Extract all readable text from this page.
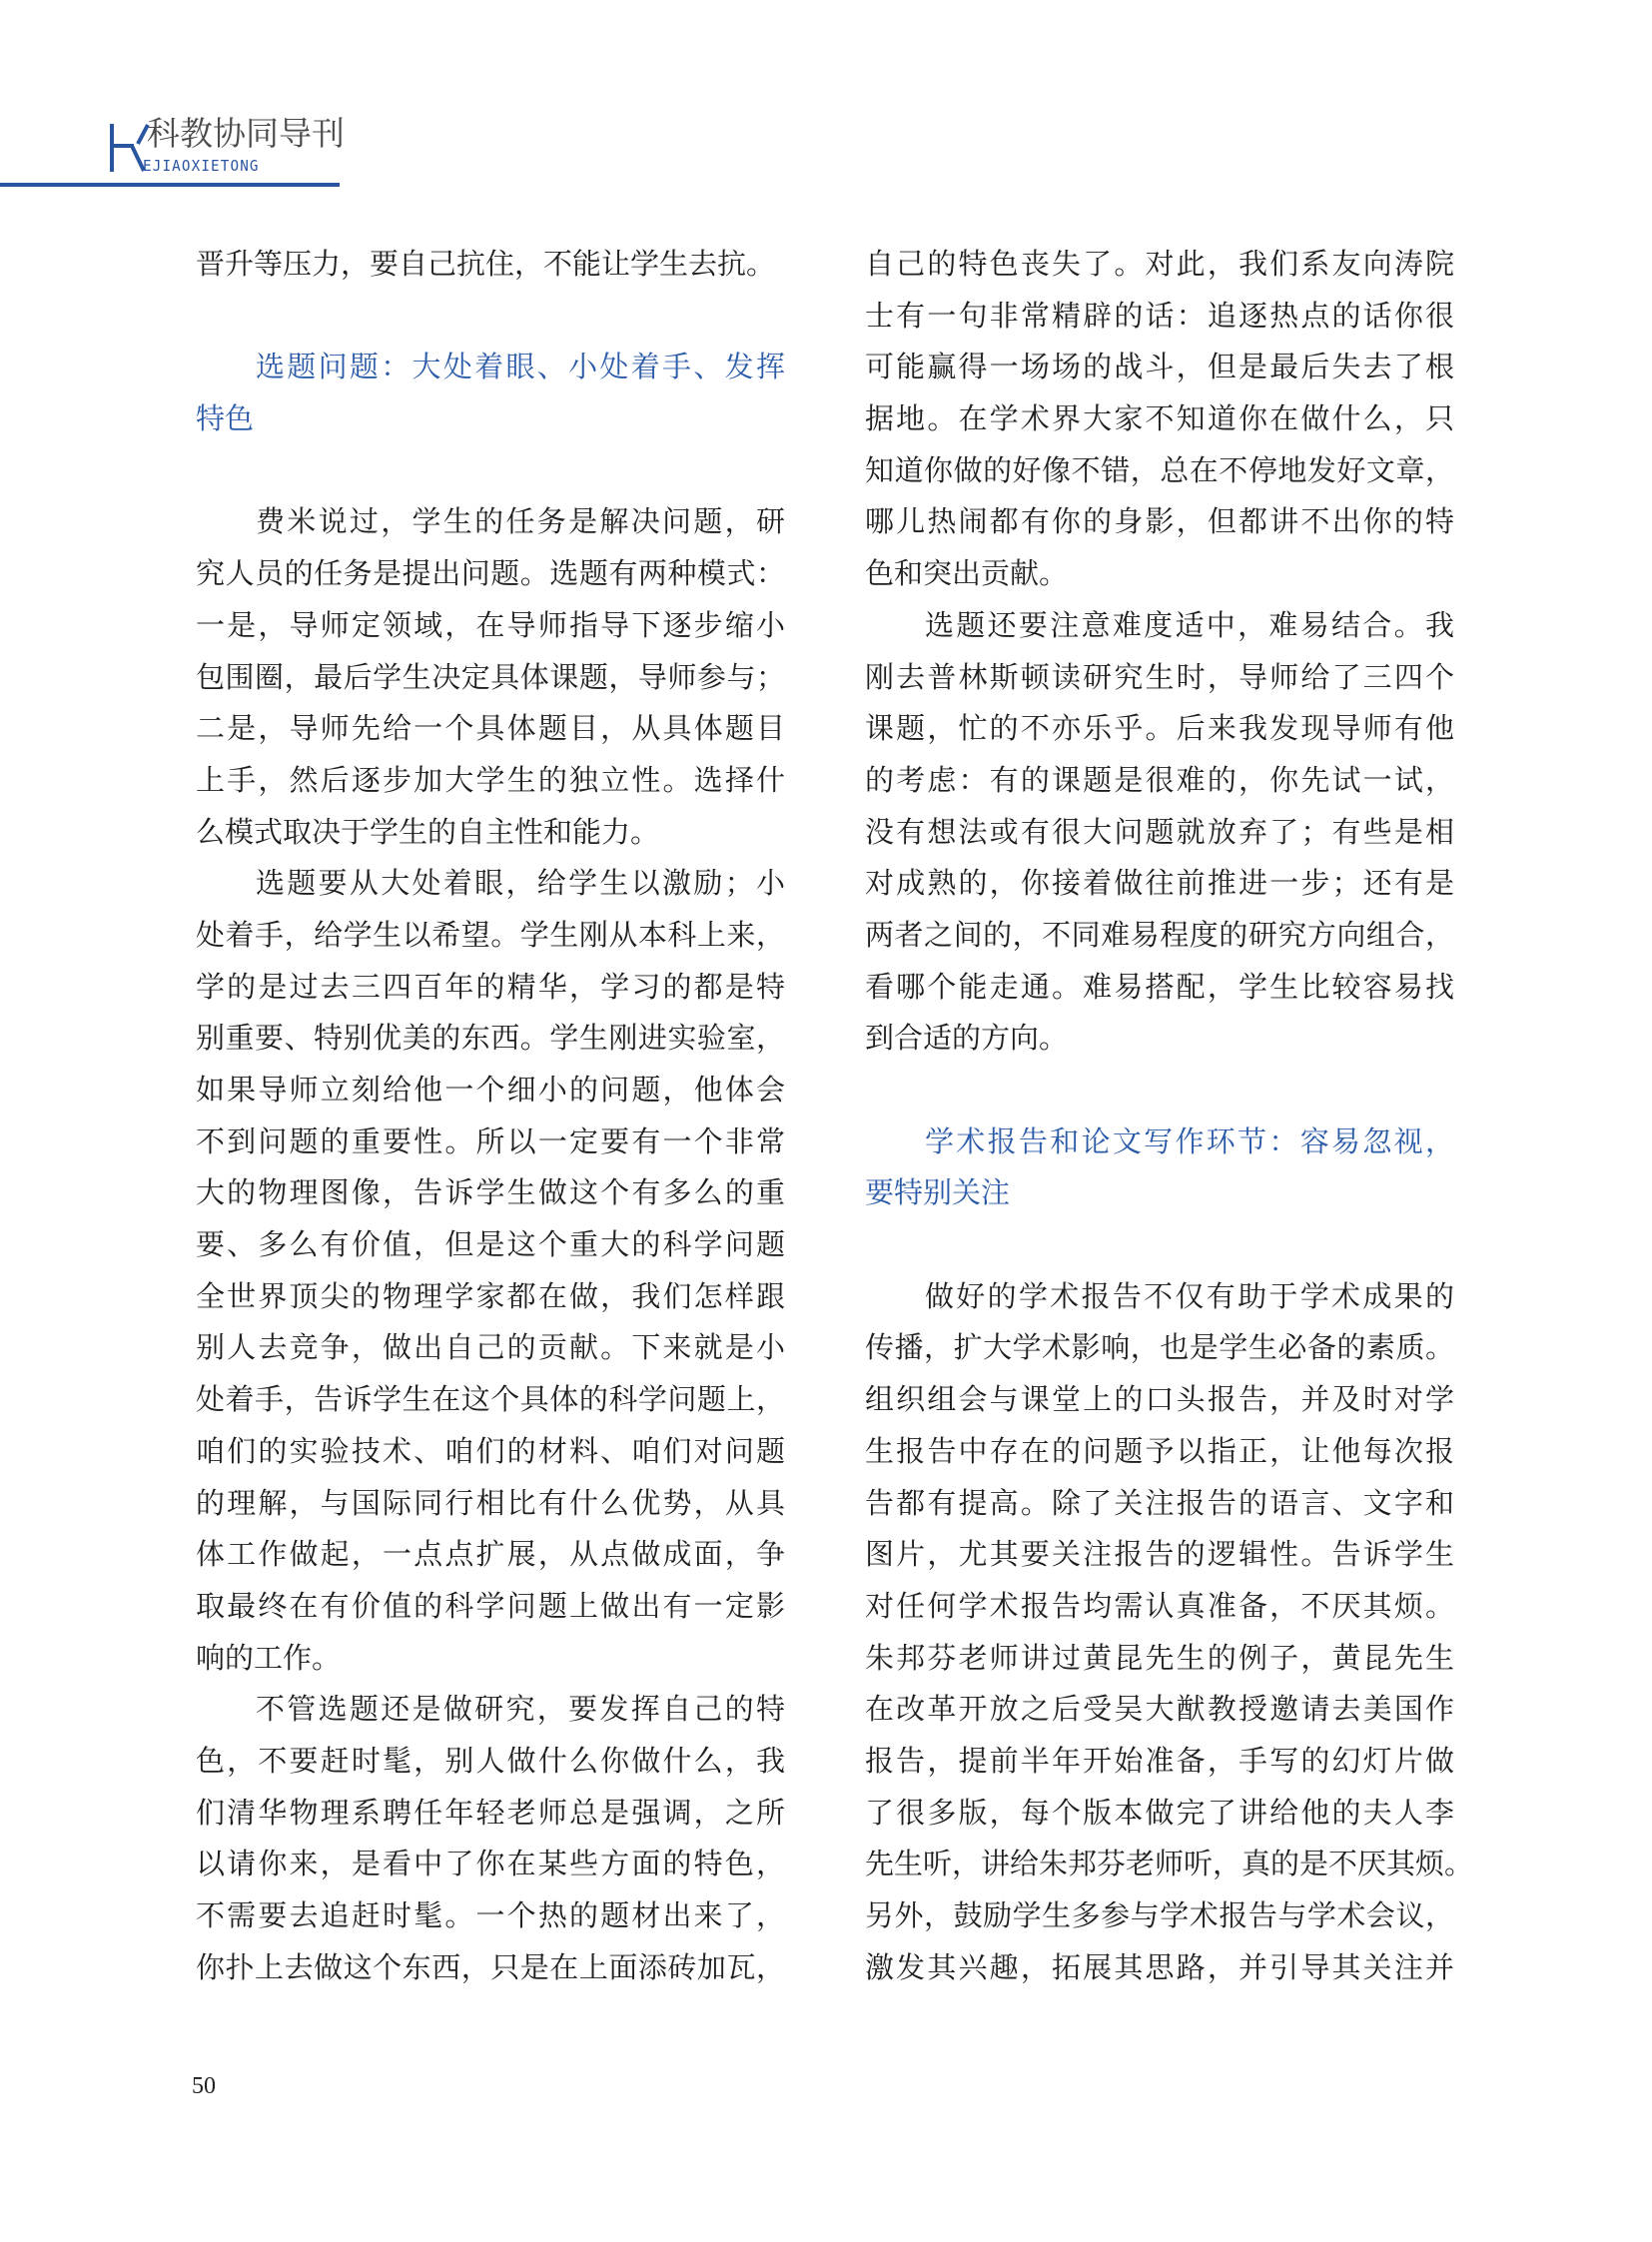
科教协同导刊
EJIAOXIETONG
晋升等压力，要自己抗住，不能让学生去抗。
选题问题：大处着眼、小处着手、发挥
特色
费米说过，学生的任务是解决问题，研
究人员的任务是提出问题。选题有两种模式：
一是，导师定领域，在导师指导下逐步缩小
包围圈，最后学生决定具体课题，导师参与；
二是，导师先给一个具体题目，从具体题目
上手，然后逐步加大学生的独立性。选择什
么模式取决于学生的自主性和能力。
选题要从大处着眼，给学生以激励；小
处着手，给学生以希望。学生刚从本科上来，
学的是过去三四百年的精华，学习的都是特
别重要、特别优美的东西。学生刚进实验室，
如果导师立刻给他一个细小的问题，他体会
不到问题的重要性。所以一定要有一个非常
大的物理图像，告诉学生做这个有多么的重
要、多么有价值，但是这个重大的科学问题
全世界顶尖的物理学家都在做，我们怎样跟
别人去竞争，做出自己的贡献。下来就是小
处着手，告诉学生在这个具体的科学问题上，
咱们的实验技术、咱们的材料、咱们对问题
的理解，与国际同行相比有什么优势，从具
体工作做起，一点点扩展，从点做成面，争
取最终在有价值的科学问题上做出有一定影
响的工作。
不管选题还是做研究，要发挥自己的特
色，不要赶时髦，别人做什么你做什么，我
们清华物理系聘任年轻老师总是强调，之所
以请你来，是看中了你在某些方面的特色，
不需要去追赶时髦。一个热的题材出来了，
你扑上去做这个东西，只是在上面添砖加瓦，
自己的特色丧失了。对此，我们系友向涛院
士有一句非常精辟的话：追逐热点的话你很
可能赢得一场场的战斗，但是最后失去了根
据地。在学术界大家不知道你在做什么，只
知道你做的好像不错，总在不停地发好文章，
哪儿热闹都有你的身影，但都讲不出你的特
色和突出贡献。
选题还要注意难度适中，难易结合。我
刚去普林斯顿读研究生时，导师给了三四个
课题，忙的不亦乐乎。后来我发现导师有他
的考虑：有的课题是很难的，你先试一试，
没有想法或有很大问题就放弃了；有些是相
对成熟的，你接着做往前推进一步；还有是
两者之间的，不同难易程度的研究方向组合，
看哪个能走通。难易搭配，学生比较容易找
到合适的方向。
学术报告和论文写作环节：容易忽视，
要特别关注
做好的学术报告不仅有助于学术成果的
传播，扩大学术影响，也是学生必备的素质。
组织组会与课堂上的口头报告，并及时对学
生报告中存在的问题予以指正，让他每次报
告都有提高。除了关注报告的语言、文字和
图片，尤其要关注报告的逻辑性。告诉学生
对任何学术报告均需认真准备，不厌其烦。
朱邦芬老师讲过黄昆先生的例子，黄昆先生
在改革开放之后受吴大猷教授邀请去美国作
报告，提前半年开始准备，手写的幻灯片做
了很多版，每个版本做完了讲给他的夫人李
先生听，讲给朱邦芬老师听，真的是不厌其烦。
另外，鼓励学生多参与学术报告与学术会议，
激发其兴趣，拓展其思路，并引导其关注并
50
